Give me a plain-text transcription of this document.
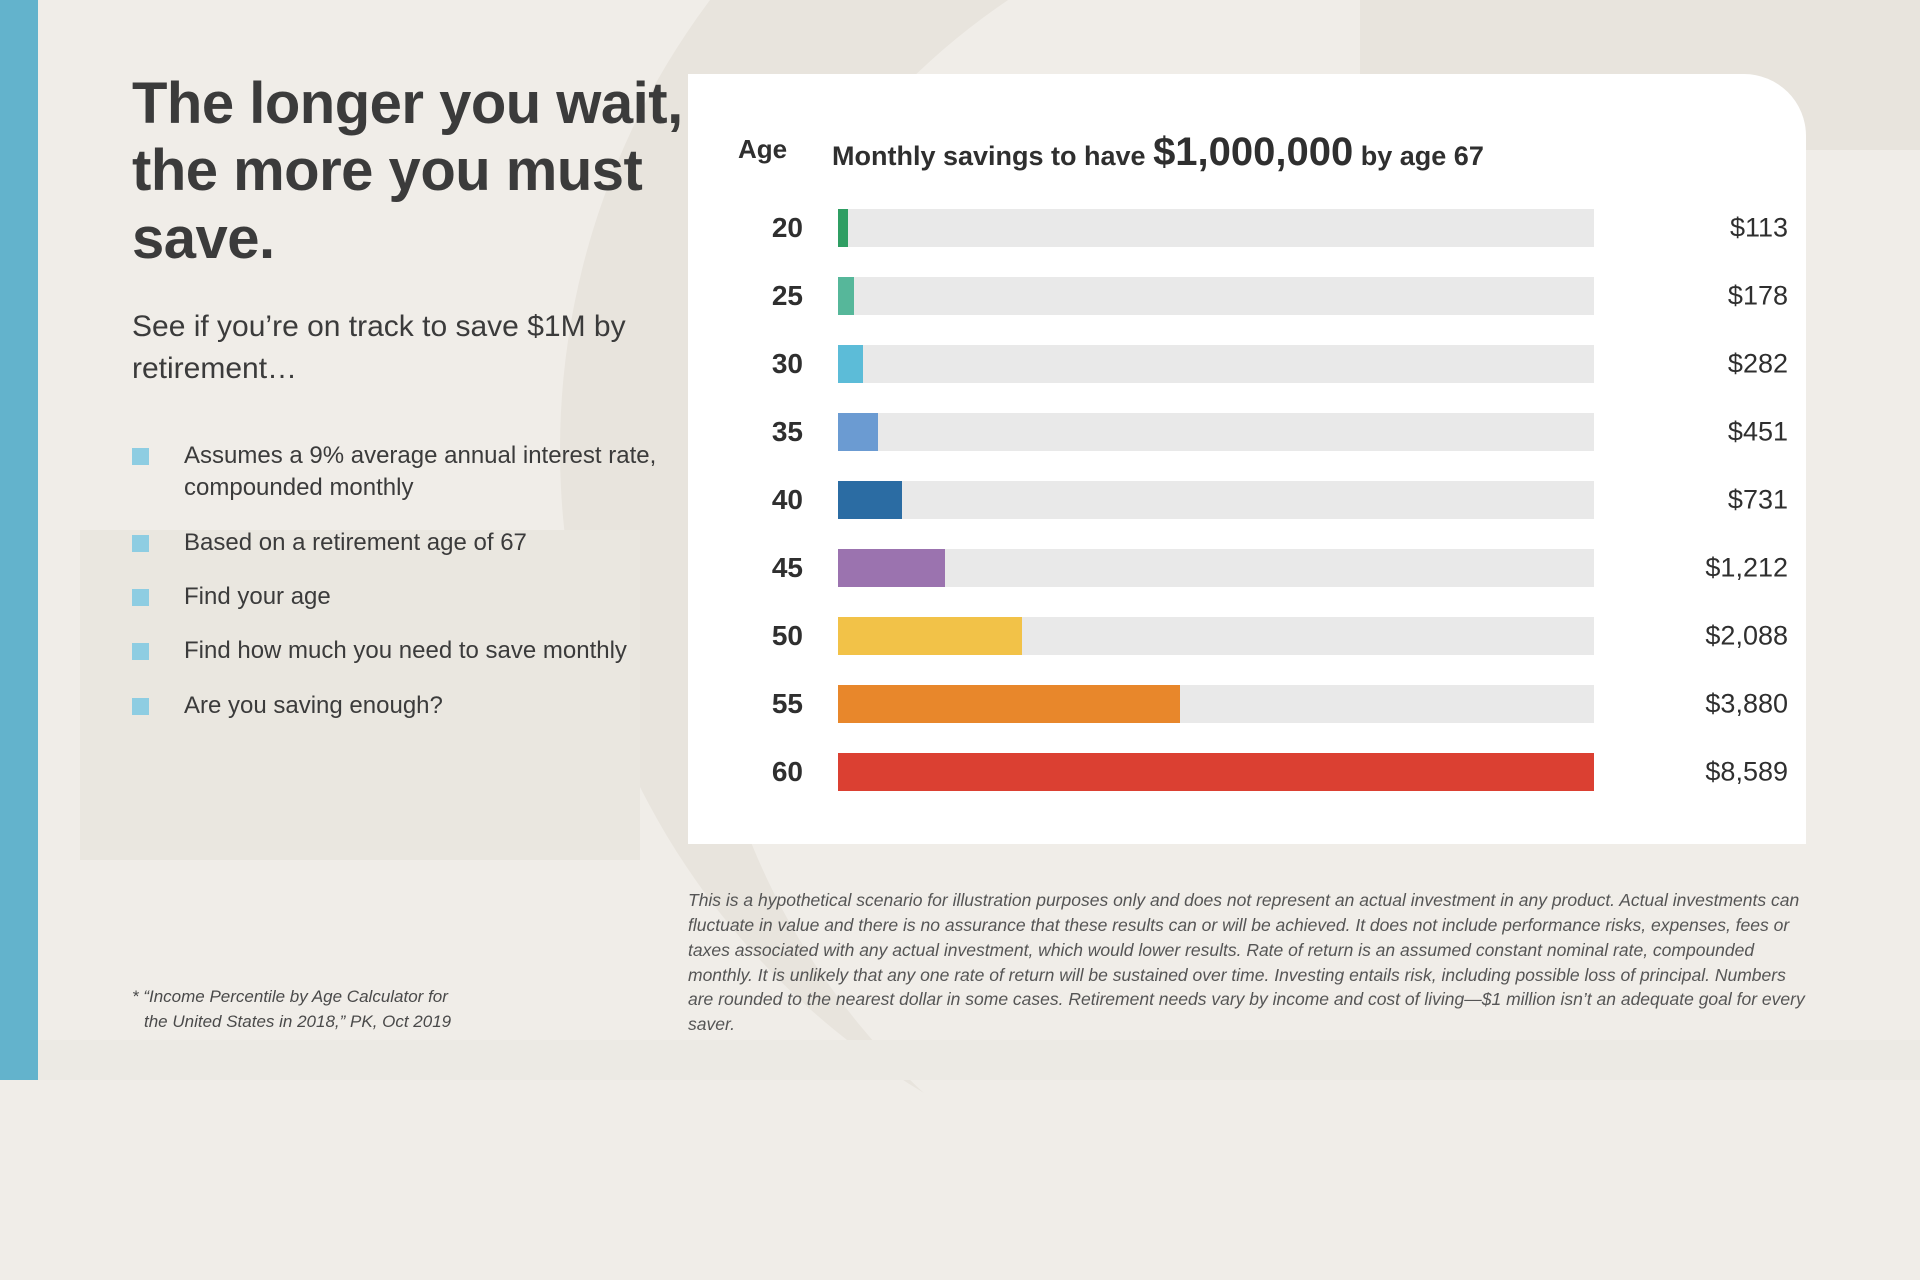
The longer you wait, the more you must save.

See if you’re on track to save $1M by retirement…

Assumes a 9% average annual interest rate, compounded monthly
Based on a retirement age of 67
Find your age
Find how much you need to save monthly
Are you saving enough?
* “Income Percentile by Age Calculator for
the United States in 2018,” PK, Oct 2019
Age Monthly savings to have $1,000,000 by age 67
20	$113
25	$178
30	$282
35	$451
40	$731
45	$1,212
50	$2,088
55	$3,880
60	$8,589
This is a hypothetical scenario for illustration purposes only and does not represent an actual investment in any product. Actual investments can fluctuate in value and there is no assurance that these results can or will be achieved. It does not include performance risks, expenses, fees or taxes associated with any actual investment, which would lower results. Rate of return is an assumed constant nominal rate, compounded monthly. It is unlikely that any one rate of return will be sustained over time. Investing entails risk, including possible loss of principal. Numbers are rounded to the nearest dollar in some cases. Retirement needs vary by income and cost of living—$1 million isn’t an adequate goal for every saver.
